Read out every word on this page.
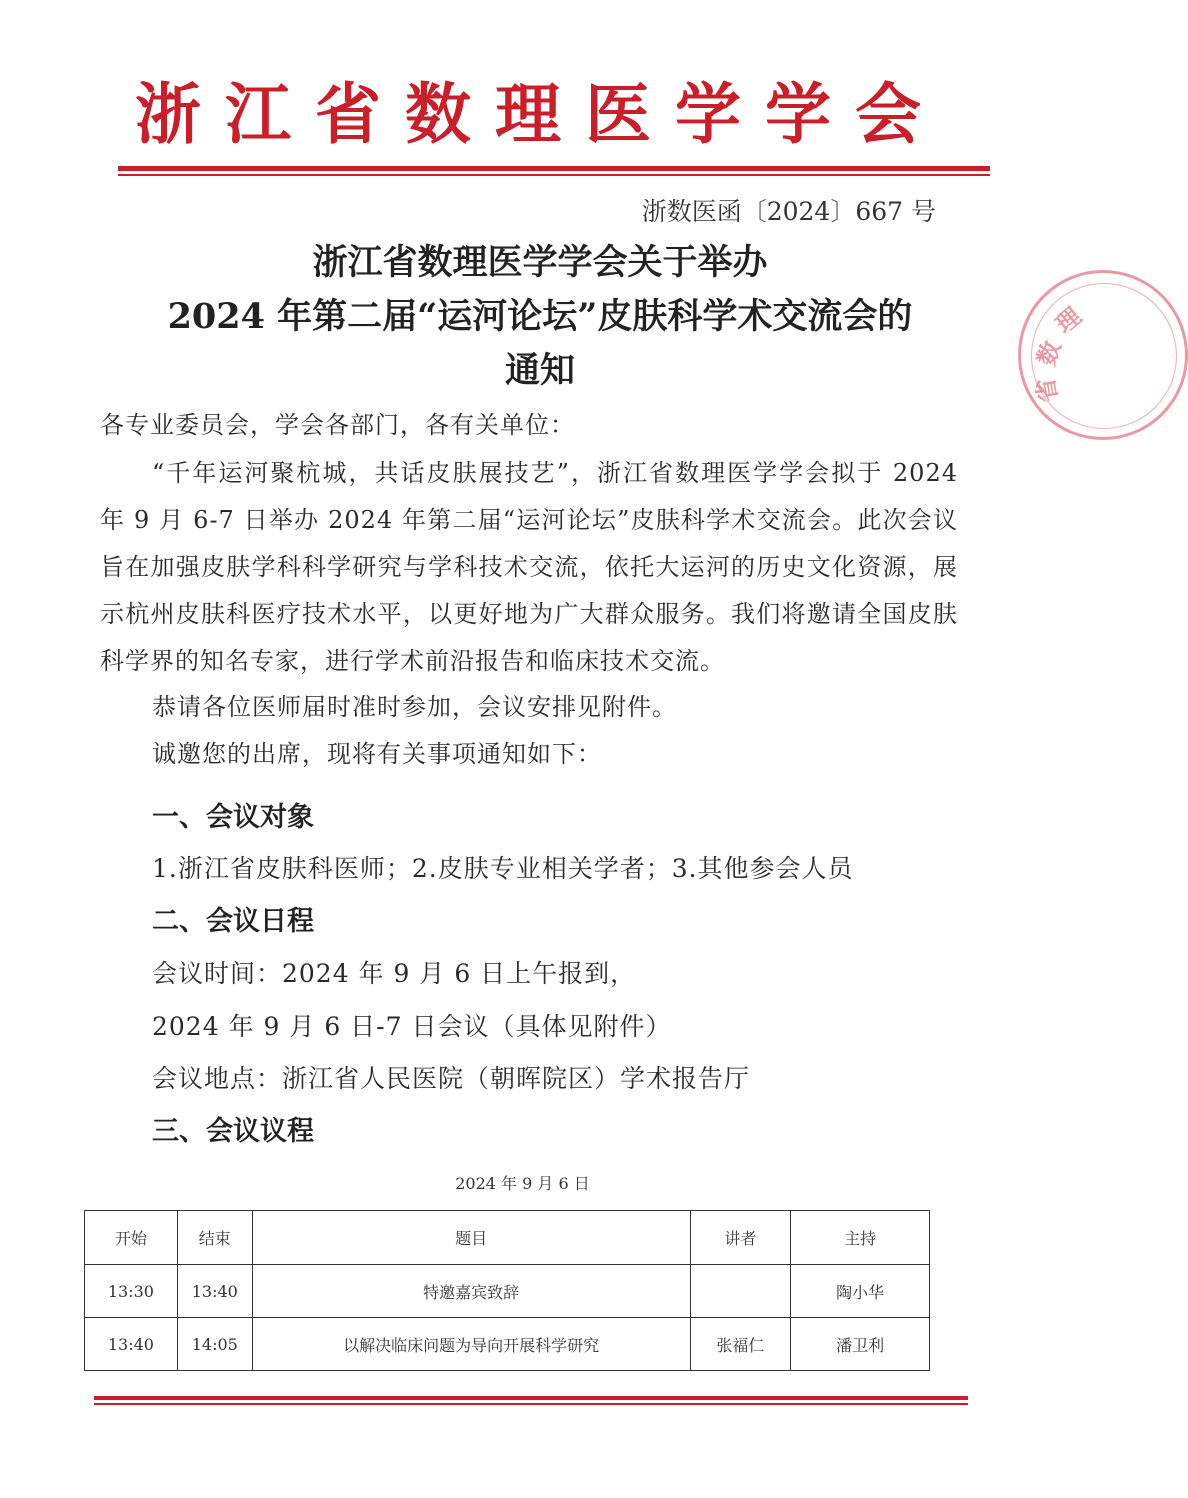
浙江省数理医学学会
浙数医函〔2024〕667 号
理
数
省
浙江省数理医学学会关于举办
2024 年第二届“运河论坛”皮肤科学术交流会的
通知
各专业委员会，学会各部门，各有关单位：
“千年运河聚杭城，共话皮肤展技艺”，浙江省数理医学学会拟于 2024 年 9 月 6-7 日举办 2024 年第二届“运河论坛”皮肤科学术交流会。此次会议旨在加强皮肤学科科学研究与学科技术交流，依托大运河的历史文化资源，展示杭州皮肤科医疗技术水平，以更好地为广大群众服务。我们将邀请全国皮肤科学界的知名专家，进行学术前沿报告和临床技术交流。
恭请各位医师届时准时参加，会议安排见附件。
诚邀您的出席，现将有关事项通知如下：
一、会议对象
1.浙江省皮肤科医师；2.皮肤专业相关学者；3.其他参会人员
二、会议日程
会议时间：2024 年 9 月 6 日上午报到，
2024 年 9 月 6 日-7 日会议（具体见附件）
会议地点：浙江省人民医院（朝晖院区）学术报告厅
三、会议议程
2024 年 9 月 6 日
开始	结束	题目	讲者	主持
13:30	13:40	特邀嘉宾致辞		陶小华
13:40	14:05	以解决临床问题为导向开展科学研究	张福仁	潘卫利
